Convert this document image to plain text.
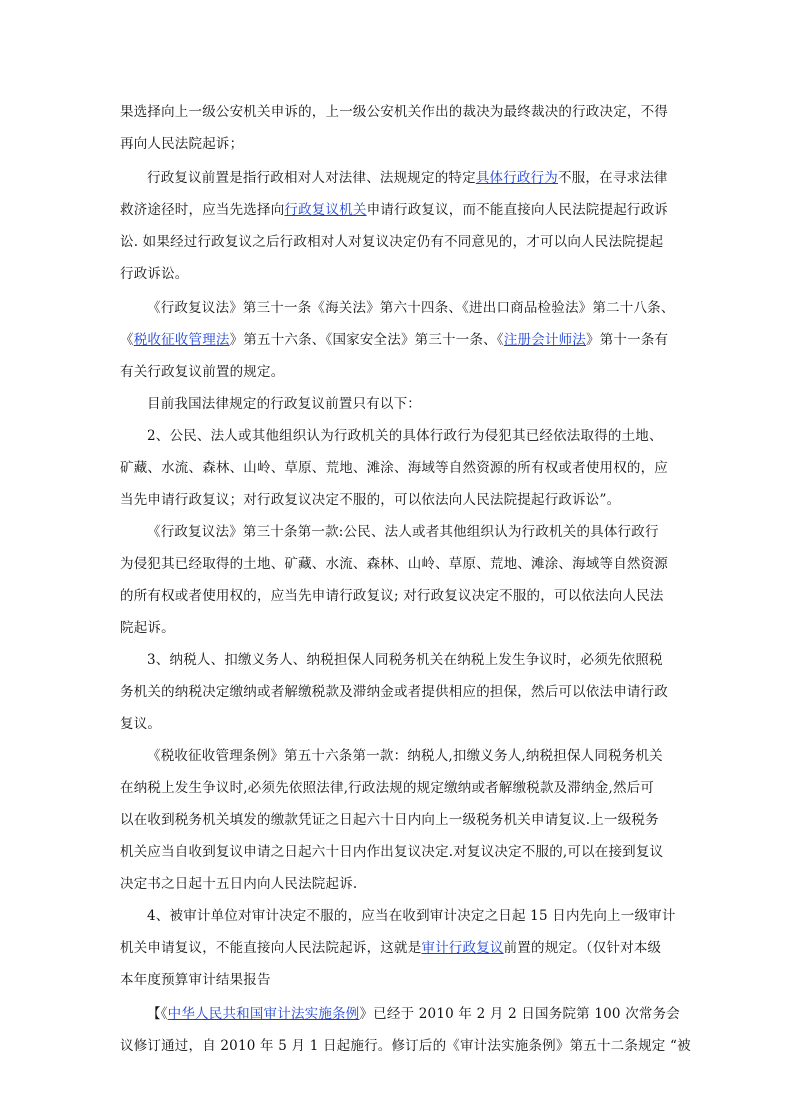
果选择向上一级公安机关申诉的，上一级公安机关作出的裁决为最终裁决的行政决定，不得
再向人民法院起诉；
行政复议前置是指行政相对人对法律、法规规定的特定具体行政行为不服，在寻求法律
救济途径时，应当先选择向行政复议机关申请行政复议，而不能直接向人民法院提起行政诉
讼. 如果经过行政复议之后行政相对人对复议决定仍有不同意见的，才可以向人民法院提起
行政诉讼。
《行政复议法》第三十一条《海关法》第六十四条、《进出口商品检验法》第二十八条、
《税收征收管理法》第五十六条、《国家安全法》第三十一条、《注册会计师法》第十一条有
有关行政复议前置的规定。
目前我国法律规定的行政复议前置只有以下：
2、公民、法人或其他组织认为行政机关的具体行政行为侵犯其已经依法取得的土地、
矿藏、水流、森林、山岭、草原、荒地、滩涂、海域等自然资源的所有权或者使用权的，应
当先申请行政复议；对行政复议决定不服的，可以依法向人民法院提起行政诉讼”。
《行政复议法》第三十条第一款:公民、法人或者其他组织认为行政机关的具体行政行
为侵犯其已经取得的土地、矿藏、水流、森林、山岭、草原、荒地、滩涂、海域等自然资源
的所有权或者使用权的，应当先申请行政复议; 对行政复议决定不服的，可以依法向人民法
院起诉。
3、纳税人、扣缴义务人、纳税担保人同税务机关在纳税上发生争议时，必须先依照税
务机关的纳税决定缴纳或者解缴税款及滞纳金或者提供相应的担保，然后可以依法申请行政
复议。
《税收征收管理条例》第五十六条第一款：纳税人,扣缴义务人,纳税担保人同税务机关
在纳税上发生争议时,必须先依照法律,行政法规的规定缴纳或者解缴税款及滞纳金,然后可
以在收到税务机关填发的缴款凭证之日起六十日内向上一级税务机关申请复议.上一级税务
机关应当自收到复议申请之日起六十日内作出复议决定.对复议决定不服的,可以在接到复议
决定书之日起十五日内向人民法院起诉.
4、被审计单位对审计决定不服的，应当在收到审计决定之日起 15 日内先向上一级审计
机关申请复议，不能直接向人民法院起诉，这就是审计行政复议前置的规定。（仅针对本级
本年度预算审计结果报告
【《中华人民共和国审计法实施条例》已经于 2010 年 2 月 2 日国务院第 100 次常务会
议修订通过，自 2010 年 5 月 1 日起施行。修订后的《审计法实施条例》第五十二条规定 “被
